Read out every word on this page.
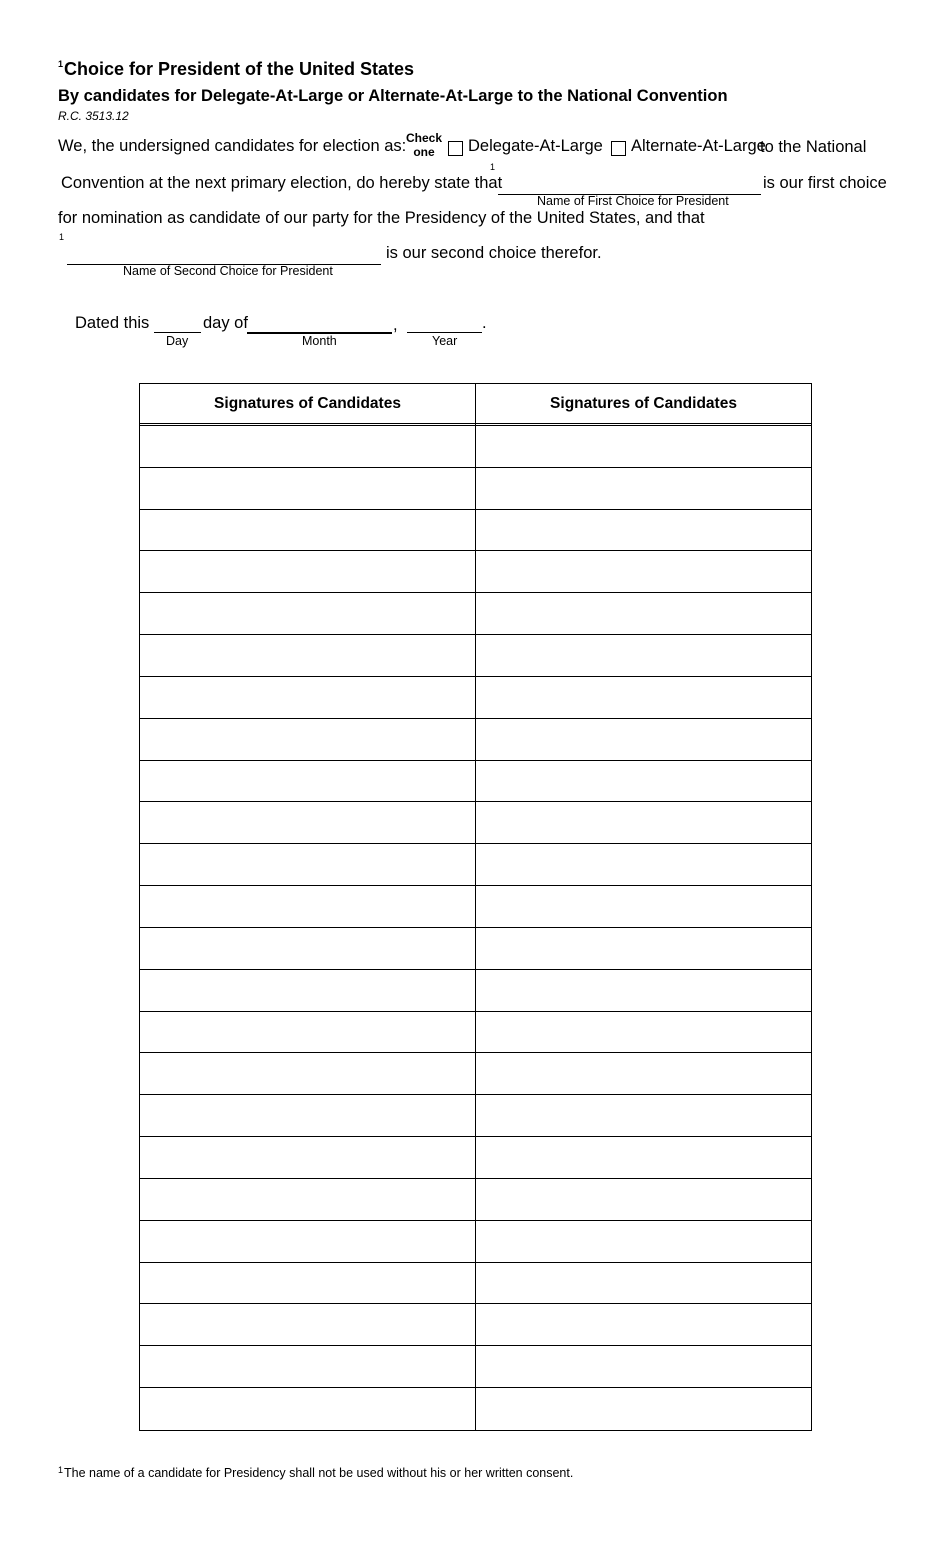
$^1$Choice for President of the United States
By candidates for Delegate-At-Large or Alternate-At-Large to the National Convention
R.C. 3513.12
We, the undersigned candidates for election as: Check
one	Delegate-At-Large Alternate-At-Large
to the National
Convention at the next primary election, do hereby state that
1
Name of First Choice for President
is our first choice
for nomination as candidate of our party for the Presidency of the United States, and that
1
Name of Second Choice for President
is our second choice therefor.
Dated this
Day
day of
Month
,
Year
.
Signatures of Candidates	Signatures of Candidates
$^1$The name of a candidate for Presidency shall not be used without his or her written consent.
